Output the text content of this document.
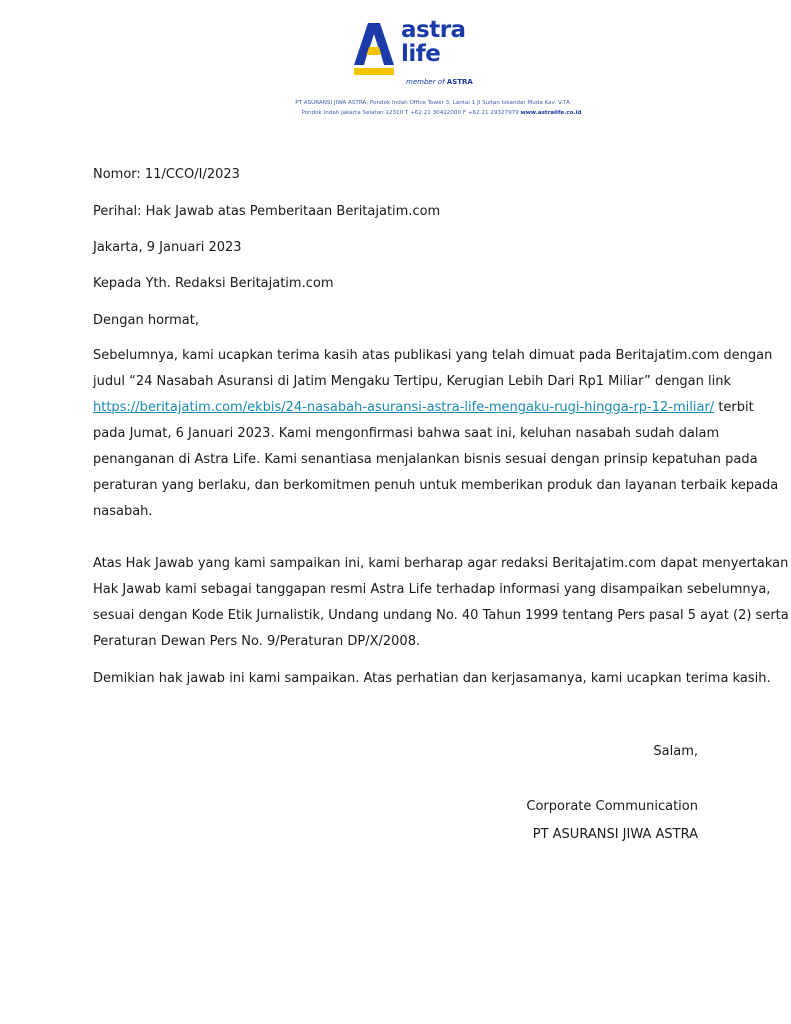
astra
life
member of ASTRA
PT ASURANSI JIWA ASTRA, Pondok Indah Office Tower 3, Lantai 1 Jl Sultan Iskandar Muda Kav. V-TA
Pondok Indah Jakarta Selatan 12310 T +62 21 30422000 F +62 21 29327979 www.astralife.co.id
Nomor: 11/CCO/I/2023
Perihal: Hak Jawab atas Pemberitaan Beritajatim.com
Jakarta, 9 Januari 2023
Kepada Yth. Redaksi Beritajatim.com
Dengan hormat,
Sebelumnya, kami ucapkan terima kasih atas publikasi yang telah dimuat pada Beritajatim.com dengan
judul “24 Nasabah Asuransi di Jatim Mengaku Tertipu, Kerugian Lebih Dari Rp1 Miliar” dengan link
https://beritajatim.com/ekbis/24-nasabah-asuransi-astra-life-mengaku-rugi-hingga-rp-12-miliar/ terbit
pada Jumat, 6 Januari 2023. Kami mengonfirmasi bahwa saat ini, keluhan nasabah sudah dalam
penanganan di Astra Life. Kami senantiasa menjalankan bisnis sesuai dengan prinsip kepatuhan pada
peraturan yang berlaku, dan berkomitmen penuh untuk memberikan produk dan layanan terbaik kepada
nasabah.
Atas Hak Jawab yang kami sampaikan ini, kami berharap agar redaksi Beritajatim.com dapat menyertakan
Hak Jawab kami sebagai tanggapan resmi Astra Life terhadap informasi yang disampaikan sebelumnya,
sesuai dengan Kode Etik Jurnalistik, Undang undang No. 40 Tahun 1999 tentang Pers pasal 5 ayat (2) serta
Peraturan Dewan Pers No. 9/Peraturan DP/X/2008.
Demikian hak jawab ini kami sampaikan. Atas perhatian dan kerjasamanya, kami ucapkan terima kasih.
Salam,
Corporate Communication
PT ASURANSI JIWA ASTRA
